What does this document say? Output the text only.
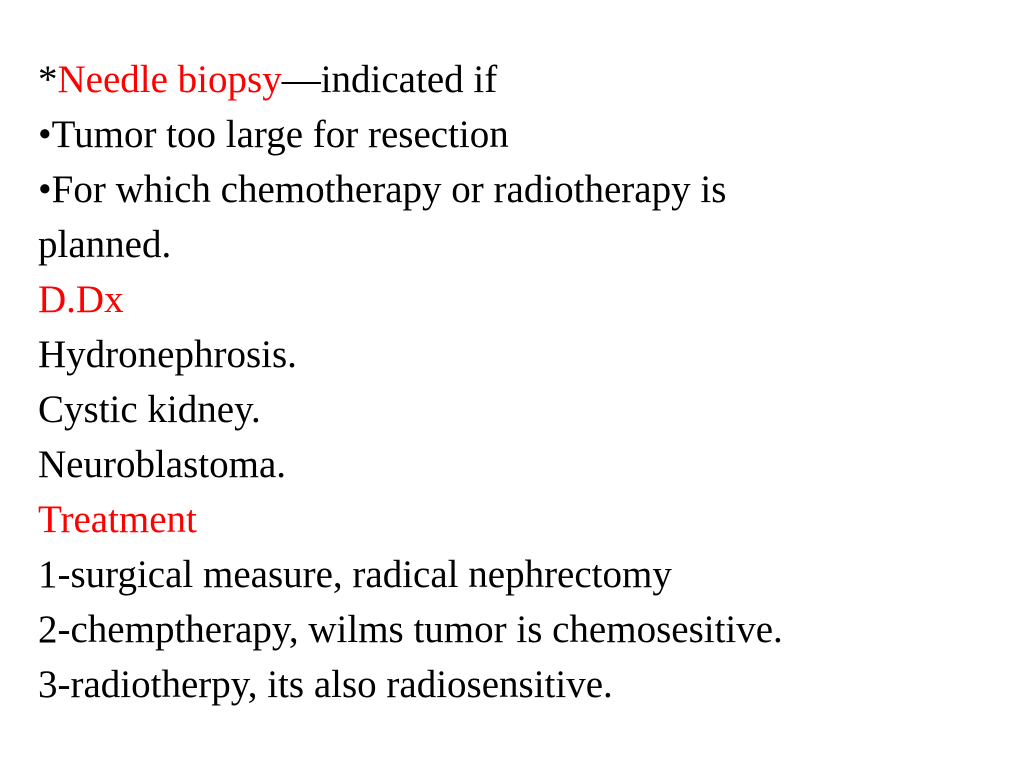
*Needle biopsy—indicated if
•Tumor too large for resection
•For which chemotherapy or radiotherapy is
planned.
D.Dx
Hydronephrosis.
Cystic kidney.
Neuroblastoma.
Treatment
1-surgical measure, radical nephrectomy
2-chemptherapy, wilms tumor is chemosesitive.
3-radiotherpy, its also radiosensitive.
